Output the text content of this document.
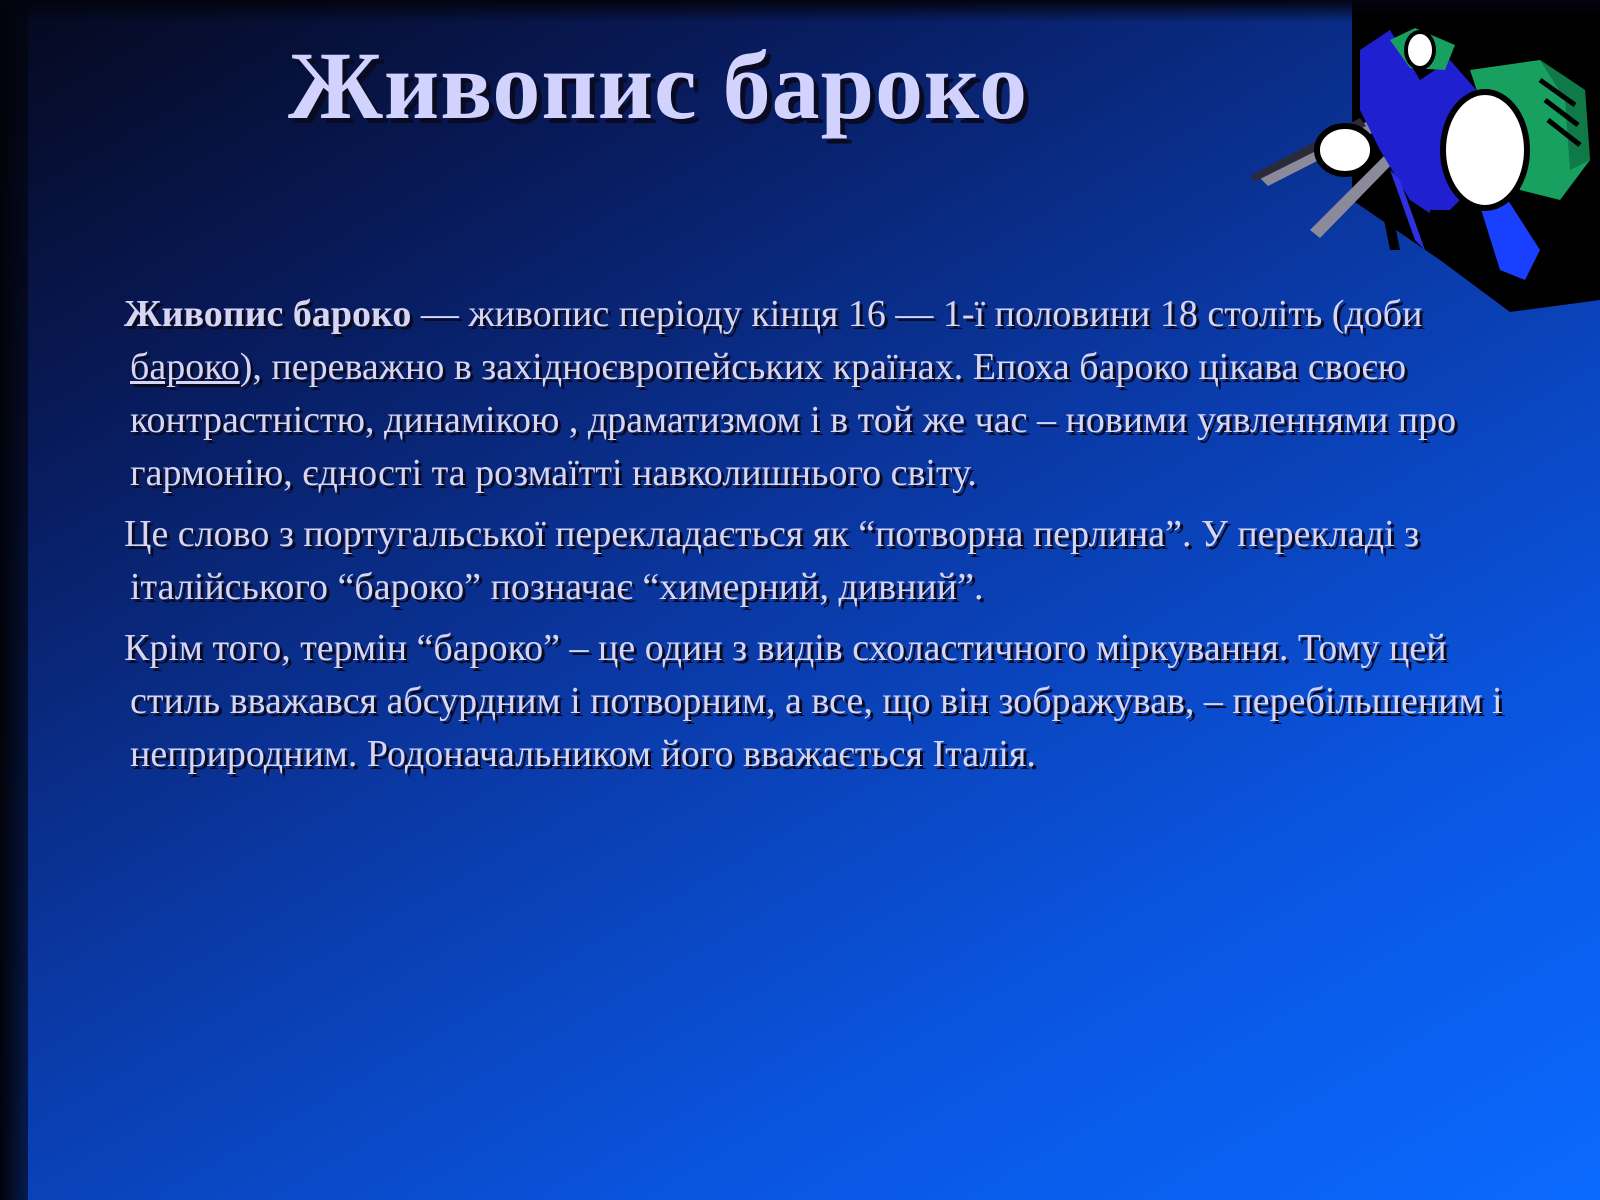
Живопис бароко

Живопис бароко — живопис періоду кінця 16 — 1-ї половини 18 століть (доби бароко), переважно в західноєвропейських країнах. Епоха бароко цікава своєю контрастністю, динамікою , драматизмом і в той же час – новими уявленнями про гармонію, єдності та розмаїтті навколишнього світу.

Це слово з португальської перекладається як “потворна перлина”. У перекладі з італійського “бароко” позначає “химерний, дивний”.

Крім того, термін “бароко” – це один з видів схоластичного міркування. Тому цей стиль вважався абсурдним і потворним, а все, що він зображував, – перебільшеним і неприродним. Родоначальником його вважається Італія.
